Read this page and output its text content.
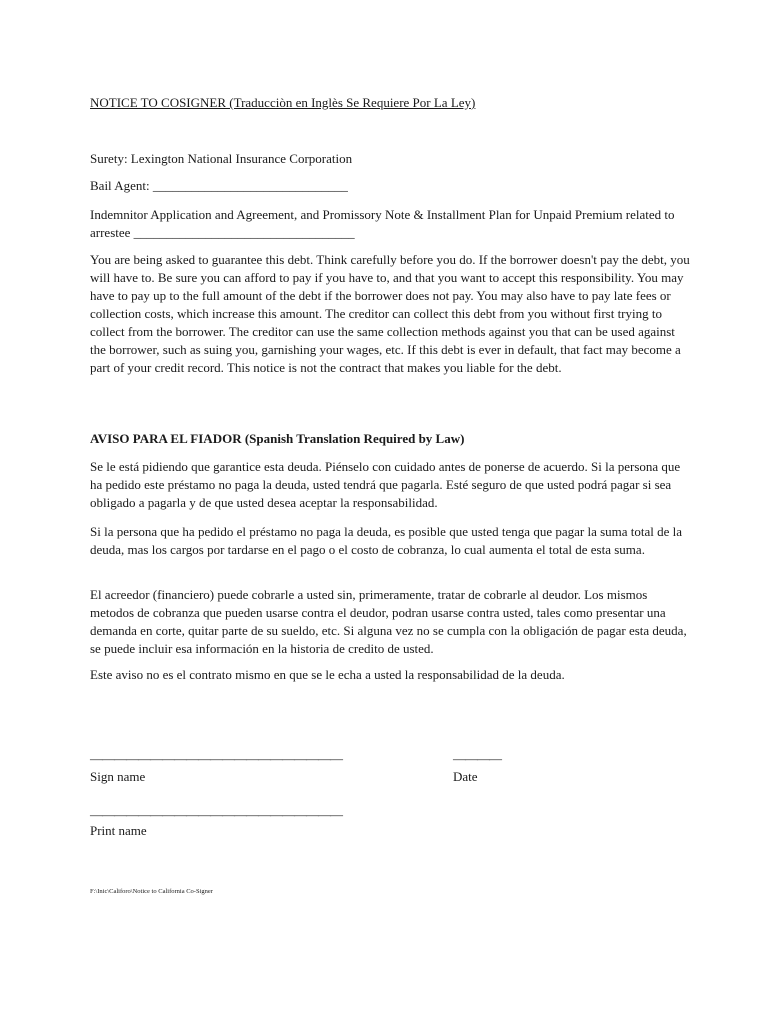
NOTICE TO COSIGNER (Traducciòn en Inglès Se Requiere Por La Ley)

Surety: Lexington National Insurance Corporation

Bail Agent: ______________________________

Indemnitor Application and Agreement, and Promissory Note & Installment Plan for Unpaid Premium related to arrestee __________________________________

You are being asked to guarantee this debt. Think carefully before you do. If the borrower doesn't pay the debt, you will have to. Be sure you can afford to pay if you have to, and that you want to accept this responsibility. You may have to pay up to the full amount of the debt if the borrower does not pay. You may also have to pay late fees or collection costs, which increase this amount. The creditor can collect this debt from you without first trying to collect from the borrower. The creditor can use the same collection methods against you that can be used against the borrower, such as suing you, garnishing your wages, etc. If this debt is ever in default, that fact may become a part of your credit record. This notice is not the contract that makes you liable for the debt.

AVISO PARA EL FIADOR (Spanish Translation Required by Law)

Se le está pidiendo que garantice esta deuda. Piénselo con cuidado antes de ponerse de acuerdo. Si la persona que ha pedido este préstamo no paga la deuda, usted tendrá que pagarla. Esté seguro de que usted podrá pagar si sea obligado a pagarla y de que usted desea aceptar la responsabilidad.

Si la persona que ha pedido el préstamo no paga la deuda, es posible que usted tenga que pagar la suma total de la deuda, mas los cargos por tardarse en el pago o el costo de cobranza, lo cual aumenta el total de esta suma.

El acreedor (financiero) puede cobrarle a usted sin, primeramente, tratar de cobrarle al deudor. Los mismos metodos de cobranza que pueden usarse contra el deudor, podran usarse contra usted, tales como presentar una demanda en corte, quitar parte de su sueldo, etc. Si alguna vez no se cumpla con la obligación de pagar esta deuda, se puede incluir esa información en la historia de credito de usted.

Este aviso no es el contrato mismo en que se le echa a usted la responsabilidad de la deuda.

—————————————————————

Sign name

————

Date

—————————————————————

Print name

F:\Inic\Califoro\Notice to California Co-Signer
